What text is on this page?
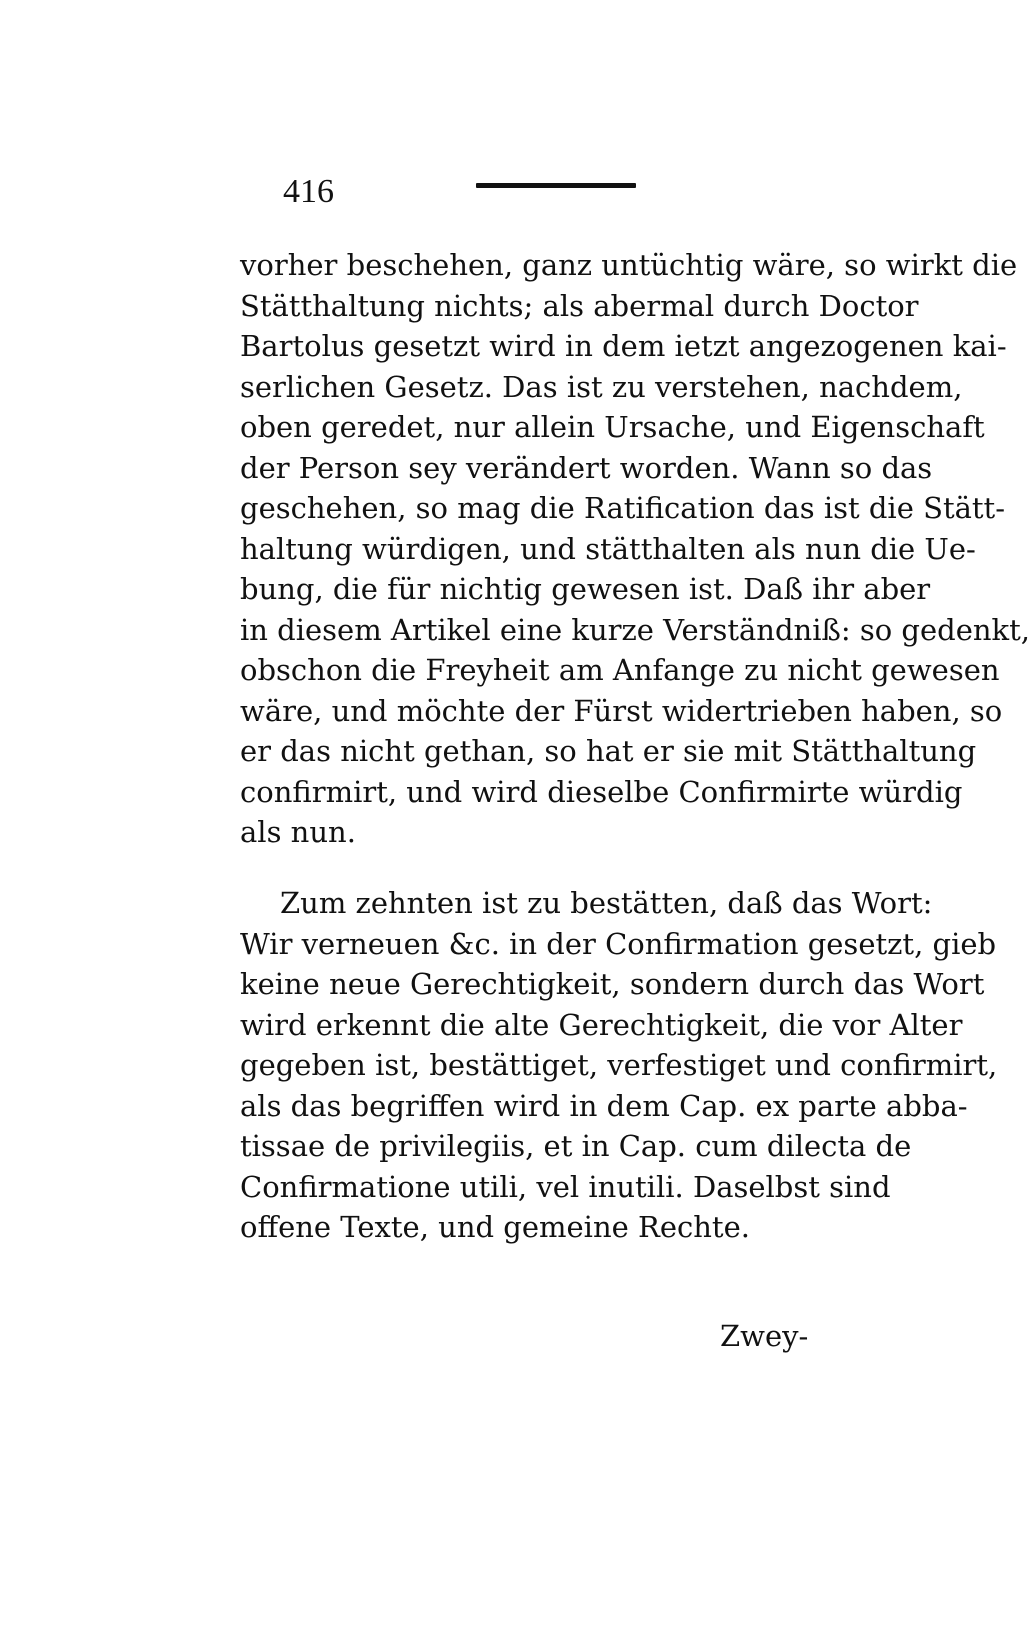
416
vorher beschehen, ganz untüchtig wäre, so wirkt die
Stätthaltung nichts; als abermal durch Doctor
Bartolus gesetzt wird in dem ietzt angezogenen kai-
serlichen Gesetz. Das ist zu verstehen, nachdem,
oben geredet, nur allein Ursache, und Eigenschaft
der Person sey verändert worden. Wann so das
geschehen, so mag die Ratification das ist die Stätt-
haltung würdigen, und stätthalten als nun die Ue-
bung, die für nichtig gewesen ist. Daß ihr aber
in diesem Artikel eine kurze Verständniß: so gedenkt,
obschon die Freyheit am Anfange zu nicht gewesen
wäre, und möchte der Fürst widertrieben haben, so
er das nicht gethan, so hat er sie mit Stätthaltung
confirmirt, und wird dieselbe Confirmirte würdig
als nun.
Zum zehnten ist zu bestätten, daß das Wort:
Wir verneuen &c. in der Confirmation gesetzt, gieb
keine neue Gerechtigkeit, sondern durch das Wort
wird erkennt die alte Gerechtigkeit, die vor Alter
gegeben ist, bestättiget, verfestiget und confirmirt,
als das begriffen wird in dem Cap. ex parte abba-
tissae de privilegiis, et in Cap. cum dilecta de
Confirmatione utili, vel inutili. Daselbst sind
offene Texte, und gemeine Rechte.
Zwey-
